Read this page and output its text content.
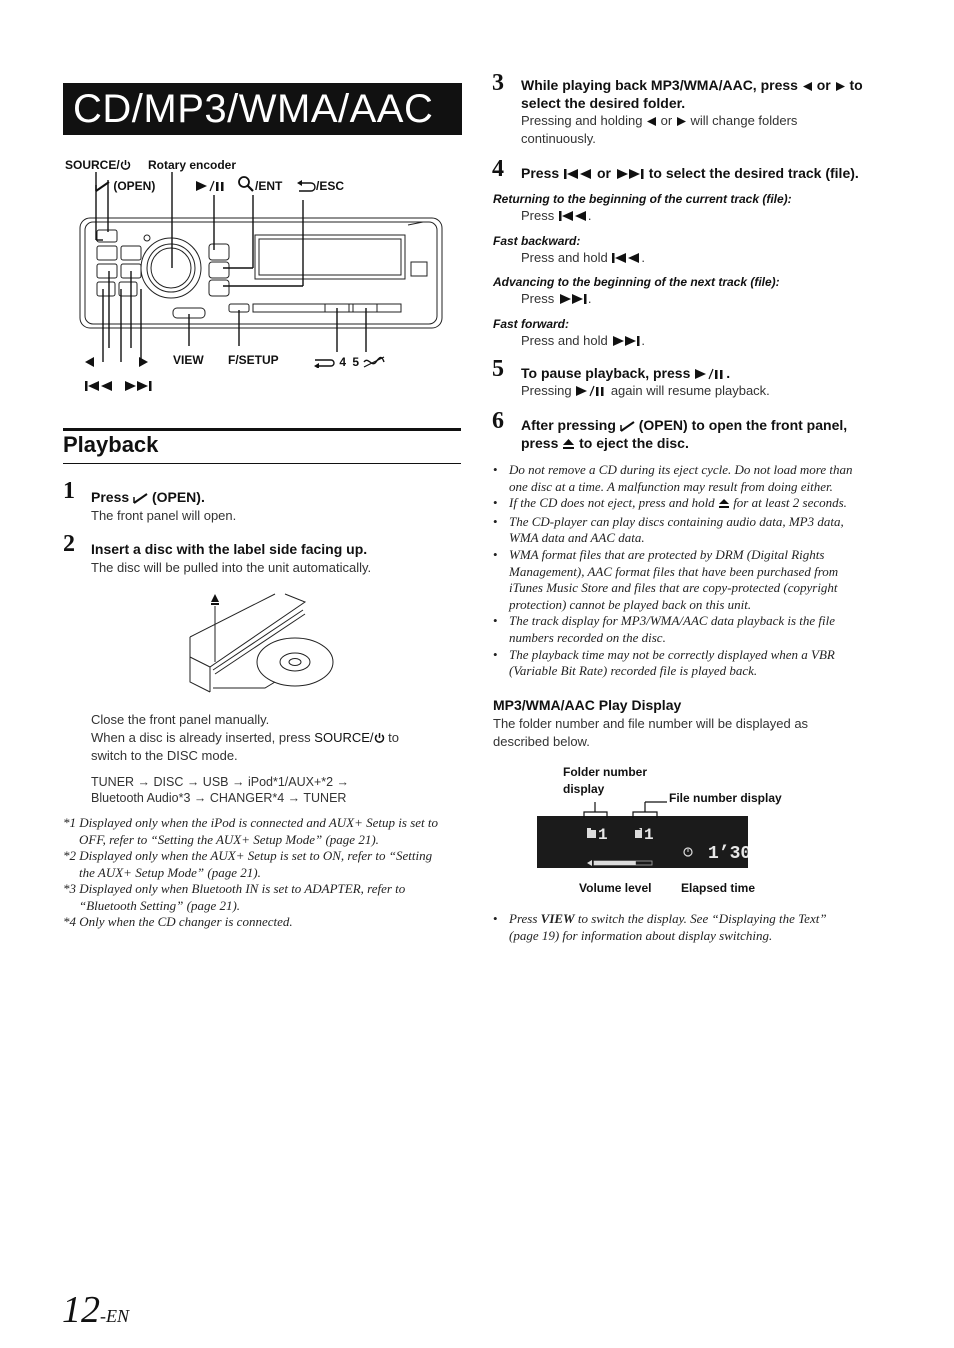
CD/MP3/WMA/AAC
SOURCE/	Rotary encoder
(OPEN)	/ENT	/ESC
VIEW F/SETUP	4 5
Playback
1 Press (OPEN).
The front panel will open.
2 Insert a disc with the label side facing up.
The disc will be pulled into the unit automatically.
Close the front panel manually.
When a disc is already inserted, press SOURCE/ to
switch to the DISC mode.
TUNER → DISC → USB → iPod*1/AUX+*2 →
Bluetooth Audio*3 → CHANGER*4 → TUNER
*1 Displayed only when the iPod is connected and AUX+ Setup is set to
OFF, refer to “Setting the AUX+ Setup Mode” (page 21).
*2 Displayed only when the AUX+ Setup is set to ON, refer to “Setting
the AUX+ Setup Mode” (page 21).
*3 Displayed only when Bluetooth IN is set to ADAPTER, refer to
“Bluetooth Setting” (page 21).
*4 Only when the CD changer is connected.
3 While playing back MP3/WMA/AAC, press or to
select the desired folder.
Pressing and holding or will change folders
continuously.
4 Press	or	to select the desired track (file).
Returning to the beginning of the current track (file):
Press	.
Fast backward:
Press and hold	.
Advancing to the beginning of the next track (file):
Press	.
Fast forward:
Press and hold	.
5 To pause playback, press	.
Pressing	again will resume playback.
6 After pressing (OPEN) to open the front panel,
press to eject the disc.
• Do not remove a CD during its eject cycle. Do not load more than
one disc at a time. A malfunction may result from doing either.
• If the CD does not eject, press and hold for at least 2 seconds.
• The CD-player can play discs containing audio data, MP3 data,
WMA data and AAC data.
• WMA format files that are protected by DRM (Digital Rights
Management), AAC format files that have been purchased from
iTunes Music Store and files that are copy-protected (copyright
protection) cannot be played back on this unit.
• The track display for MP3/WMA/AAC data playback is the file
numbers recorded on the disc.
• The playback time may not be correctly displayed when a VBR
(Variable Bit Rate) recorded file is played back.
MP3/WMA/AAC Play Display
The folder number and file number will be displayed as
described below.
Folder number
display
File number display
1 1
1’30
Volume level Elapsed time
• Press VIEW to switch the display. See “Displaying the Text”
(page 19) for information about display switching.
12-EN
